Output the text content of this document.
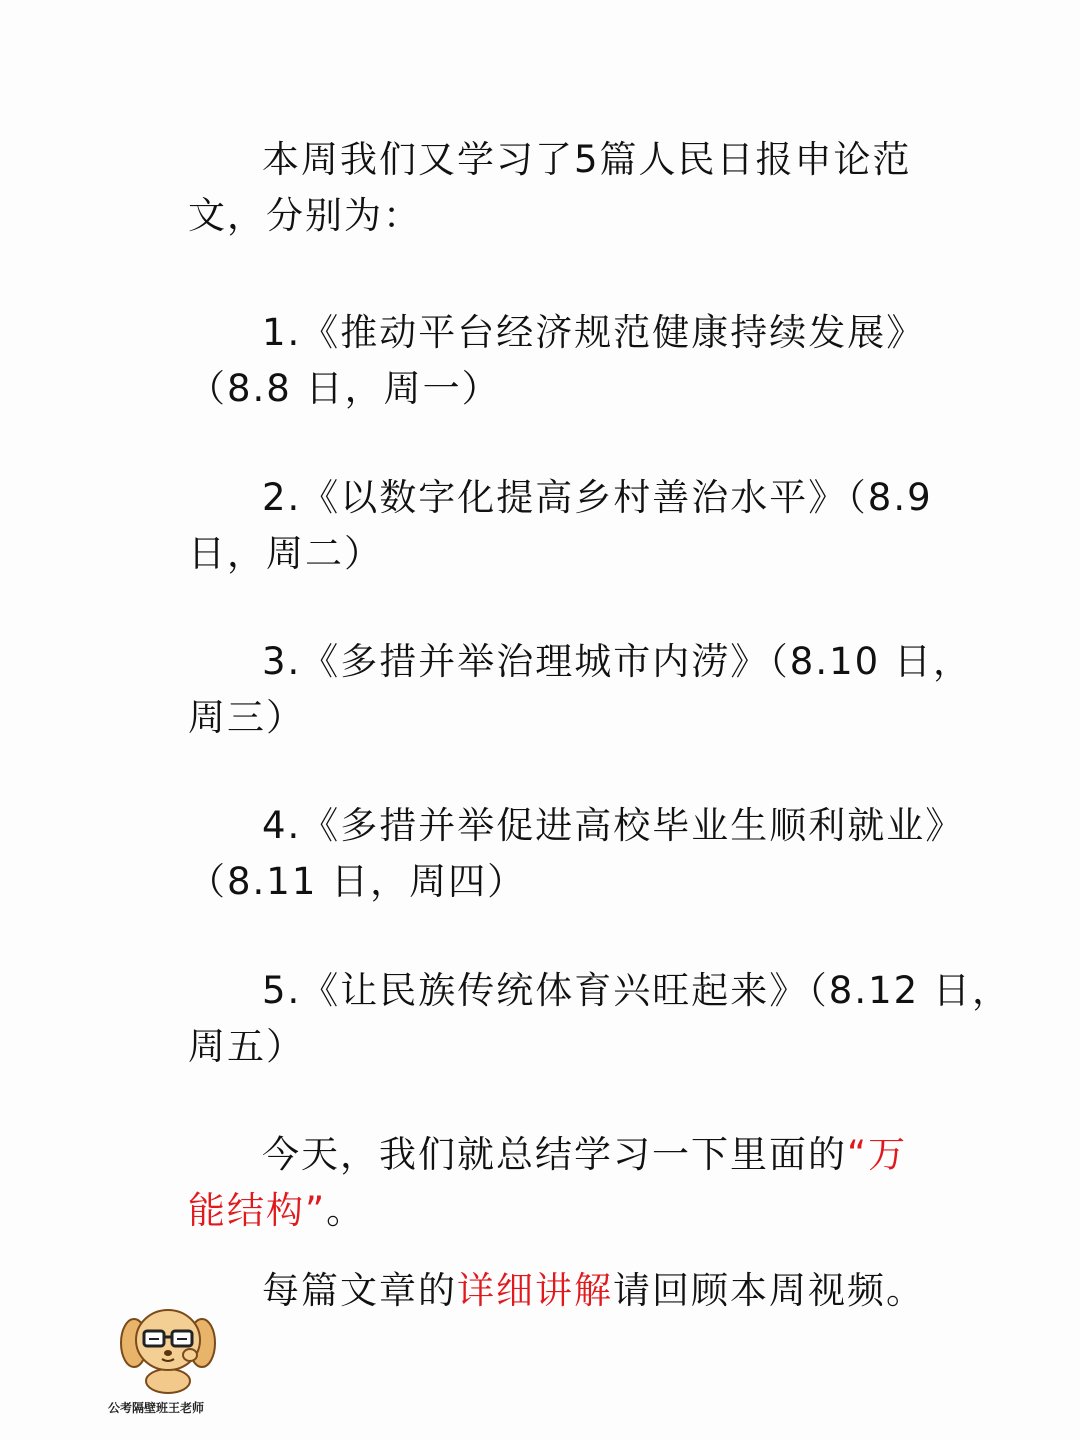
本周我们又学习了5篇人民日报申论范
文，分别为：

1.《推动平台经济规范健康持续发展》
（8.8 日，周一）

2.《以数字化提高乡村善治水平》（8.9
日，周二）

3.《多措并举治理城市内涝》（8.10 日，
周三）

4.《多措并举促进高校毕业生顺利就业》
（8.11 日，周四）

5.《让民族传统体育兴旺起来》（8.12 日，
周五）

今天，我们就总结学习一下里面的“万
能结构”。

每篇文章的详细讲解请回顾本周视频。

公考隔壁班王老师
